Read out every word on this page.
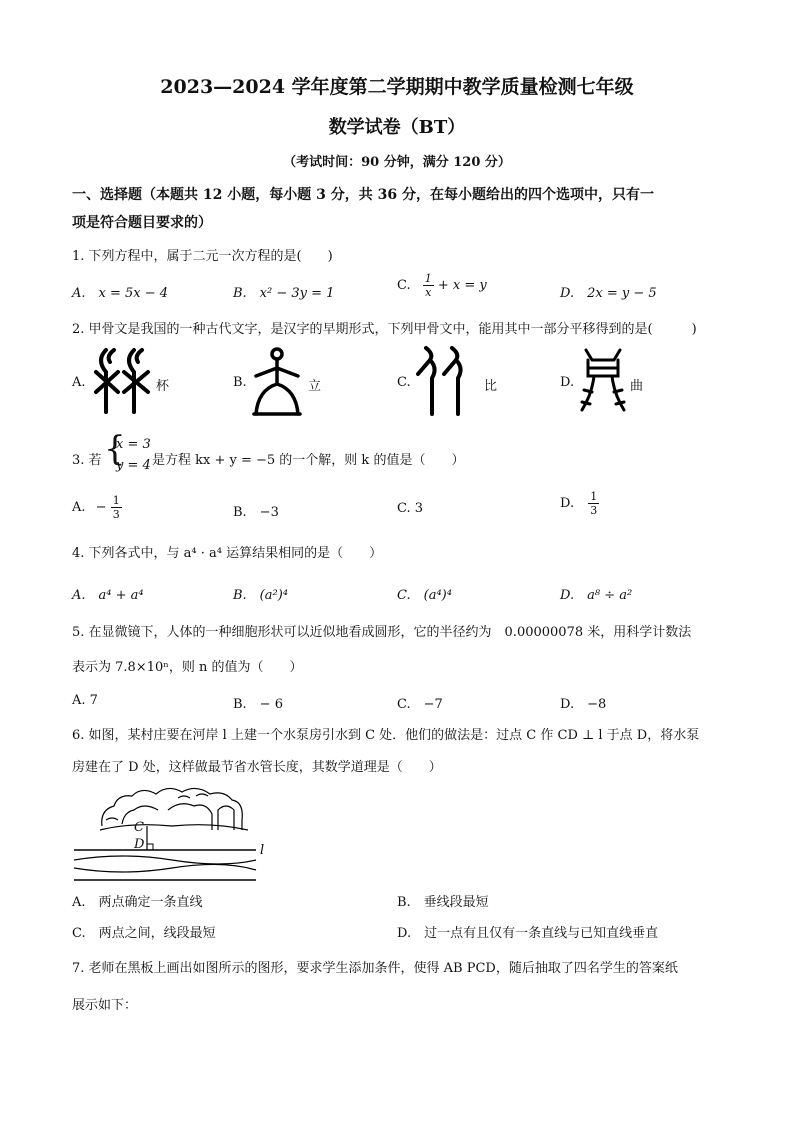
2023—2024 学年度第二学期期中教学质量检测七年级
数学试卷（BT）
（考试时间：90 分钟，满分 120 分）
一、选择题（本题共 12 小题，每小题 3 分，共 36 分，在每小题给出的四个选项中，只有一
项是符合题目要求的）
1. 下列方程中，属于二元一次方程的是(　　)
A.　x = 5x − 4	B.　x² − 3y = 1
C. $\frac{1}{x} + x = y$
D.　2x = y − 5
2. 甲骨文是我国的一种古代文字，是汉字的早期形式，下列甲骨文中，能用其中一部分平移得到的是(　　　)
A.	杯	B.	立	C.	比	D.	曲
3. 若 {
x = 3
y = 4 是方程 kx + y = −5 的一个解，则 k 的值是（　　）
A. − $\frac{1}{3}$	B.　−3	C. 3	D. $\frac{1}{3}$
4. 下列各式中，与 a⁴ · a⁴ 运算结果相同的是（　　）
A.　a⁴ + a⁴	B.　(a²)⁴	C.　(a⁴)⁴	D.　a⁸ ÷ a²
5. 在显微镜下，人体的一种细胞形状可以近似地看成圆形，它的半径约为　0.00000078 米，用科学计数法
表示为 7.8×10ⁿ，则 n 的值为（　　）
A. 7	B.　− 6	C.　−7	D.　−8
6. 如图，某村庄要在河岸 l 上建一个水泵房引水到 C 处．他们的做法是：过点 C 作 CD ⊥ l 于点 D，将水泵
房建在了 D 处，这样做最节省水管长度，其数学道理是（　　）
C
D	l
A.　两点确定一条直线	B.　垂线段最短
C.　两点之间，线段最短	D.　过一点有且仅有一条直线与已知直线垂直
7. 老师在黑板上画出如图所示的图形，要求学生添加条件，使得 AB PCD，随后抽取了四名学生的答案纸
展示如下：
